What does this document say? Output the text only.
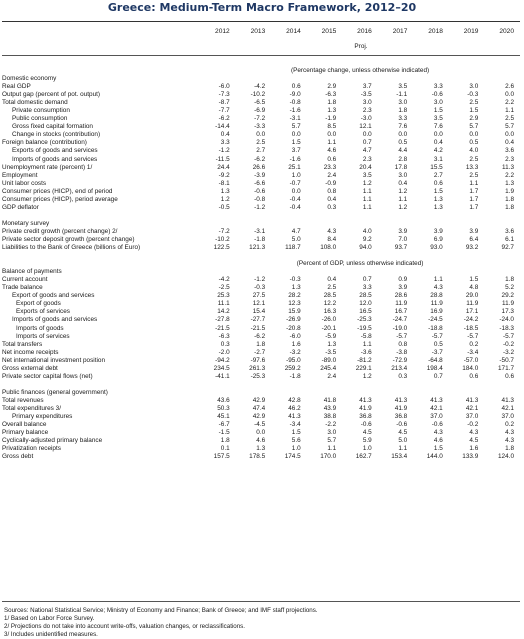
Greece: Medium-Term Macro Framework, 2012–20
	2012	2013	2014	2015	2016	2017	2018	2019	2020
Proj.
	(Percentage change, unless otherwise indicated)								
Domestic economy									
Real GDP	-6.0	-4.2	0.6	2.9	3.7	3.5	3.3	3.0	2.6
Output gap (percent of pot. output)	-7.3	-10.2	-9.0	-6.3	-3.5	-1.1	-0.6	-0.3	0.0
Total domestic demand	-8.7	-6.5	-0.8	1.8	3.0	3.0	3.0	2.5	2.2
Private consumption	-7.7	-6.9	-1.6	1.3	2.3	1.8	1.5	1.5	1.1
Public consumption	-6.2	-7.2	-3.1	-1.9	-3.0	3.3	3.5	2.9	2.5
Gross fixed capital formation	-14.4	-3.3	5.7	8.5	12.1	7.6	7.6	5.7	5.7
Change in stocks (contribution)	0.4	0.0	0.0	0.0	0.0	0.0	0.0	0.0	0.0
Foreign balance (contribution)	3.3	2.5	1.5	1.1	0.7	0.5	0.4	0.5	0.4
Exports of goods and services	-1.2	2.7	3.7	4.6	4.7	4.4	4.2	4.0	3.6
Imports of goods and services	-11.5	-6.2	-1.6	0.6	2.3	2.8	3.1	2.5	2.3
Unemployment rate (percent) 1/	24.4	26.6	25.1	23.3	20.4	17.8	15.5	13.3	11.3
Employment	-9.2	-3.9	1.0	2.4	3.5	3.0	2.7	2.5	2.2
Unit labor costs	-8.1	-6.6	-0.7	-0.9	1.2	0.4	0.6	1.1	1.3
Consumer prices (HICP), end of period	1.3	-0.6	0.0	0.8	1.1	1.2	1.5	1.7	1.9
Consumer prices (HICP), period average	1.2	-0.8	-0.4	0.4	1.1	1.1	1.3	1.7	1.8
GDP deflator	-0.5	-1.2	-0.4	0.3	1.1	1.2	1.3	1.7	1.8

Monetary survey									
Private credit growth (percent change) 2/	-7.2	-3.1	4.7	4.3	4.0	3.9	3.9	3.9	3.6
Private sector deposit growth (percent change)	-10.2	-1.8	5.0	8.4	9.2	7.0	6.9	6.4	6.1
Liabilities to the Bank of Greece (billions of Euro)	122.5	121.3	118.7	108.0	94.0	93.7	93.0	93.2	92.7

	(Percent of GDP, unless otherwise indicated)								
Balance of payments									
Current account	-4.2	-1.2	-0.3	0.4	0.7	0.9	1.1	1.5	1.8
Trade balance	-2.5	-0.3	1.3	2.5	3.3	3.9	4.3	4.8	5.2
Export of goods and services	25.3	27.5	28.2	28.5	28.5	28.6	28.8	29.0	29.2
Export of goods	11.1	12.1	12.3	12.2	12.0	11.9	11.9	11.9	11.9
Exports of services	14.2	15.4	15.9	16.3	16.5	16.7	16.9	17.1	17.3
Imports of goods and services	-27.8	-27.7	-26.9	-26.0	-25.3	-24.7	-24.5	-24.2	-24.0
Imports of goods	-21.5	-21.5	-20.8	-20.1	-19.5	-19.0	-18.8	-18.5	-18.3
Imports of services	-6.3	-6.2	-6.0	-5.9	-5.8	-5.7	-5.7	-5.7	-5.7
Total transfers	0.3	1.8	1.6	1.3	1.1	0.8	0.5	0.2	-0.2
Net income receipts	-2.0	-2.7	-3.2	-3.5	-3.6	-3.8	-3.7	-3.4	-3.2
Net international investment position	-94.2	-97.6	-95.0	-89.0	-81.2	-72.9	-64.8	-57.0	-50.7
Gross external debt	234.5	261.3	259.2	245.4	229.1	213.4	198.4	184.0	171.7
Private sector capital flows (net)	-41.1	-25.3	-1.8	2.4	1.2	0.3	0.7	0.6	0.6

Public finances (general government)									
Total revenues	43.6	42.9	42.8	41.8	41.3	41.3	41.3	41.3	41.3
Total expenditures 3/	50.3	47.4	46.2	43.9	41.9	41.9	42.1	42.1	42.1
Primary expenditures	45.1	42.9	41.3	38.8	36.8	36.8	37.0	37.0	37.0
Overall balance	-6.7	-4.5	-3.4	-2.2	-0.6	-0.6	-0.6	-0.2	0.2
Primary balance	-1.5	0.0	1.5	3.0	4.5	4.5	4.3	4.3	4.3
Cyclically-adjusted primary balance	1.8	4.6	5.6	5.7	5.9	5.0	4.6	4.5	4.3
Privatization receipts	0.1	1.3	1.0	1.1	1.0	1.1	1.5	1.6	1.8
Gross debt	157.5	178.5	174.5	170.0	162.7	153.4	144.0	133.9	124.0
Sources: National Statistical Service; Ministry of Economy and Finance; Bank of Greece; and IMF staff projections.
1/ Based on Labor Force Survey.
2/ Projections do not take into account write-offs, valuation changes, or reclassifications.
3/ Includes unidentified measures.
